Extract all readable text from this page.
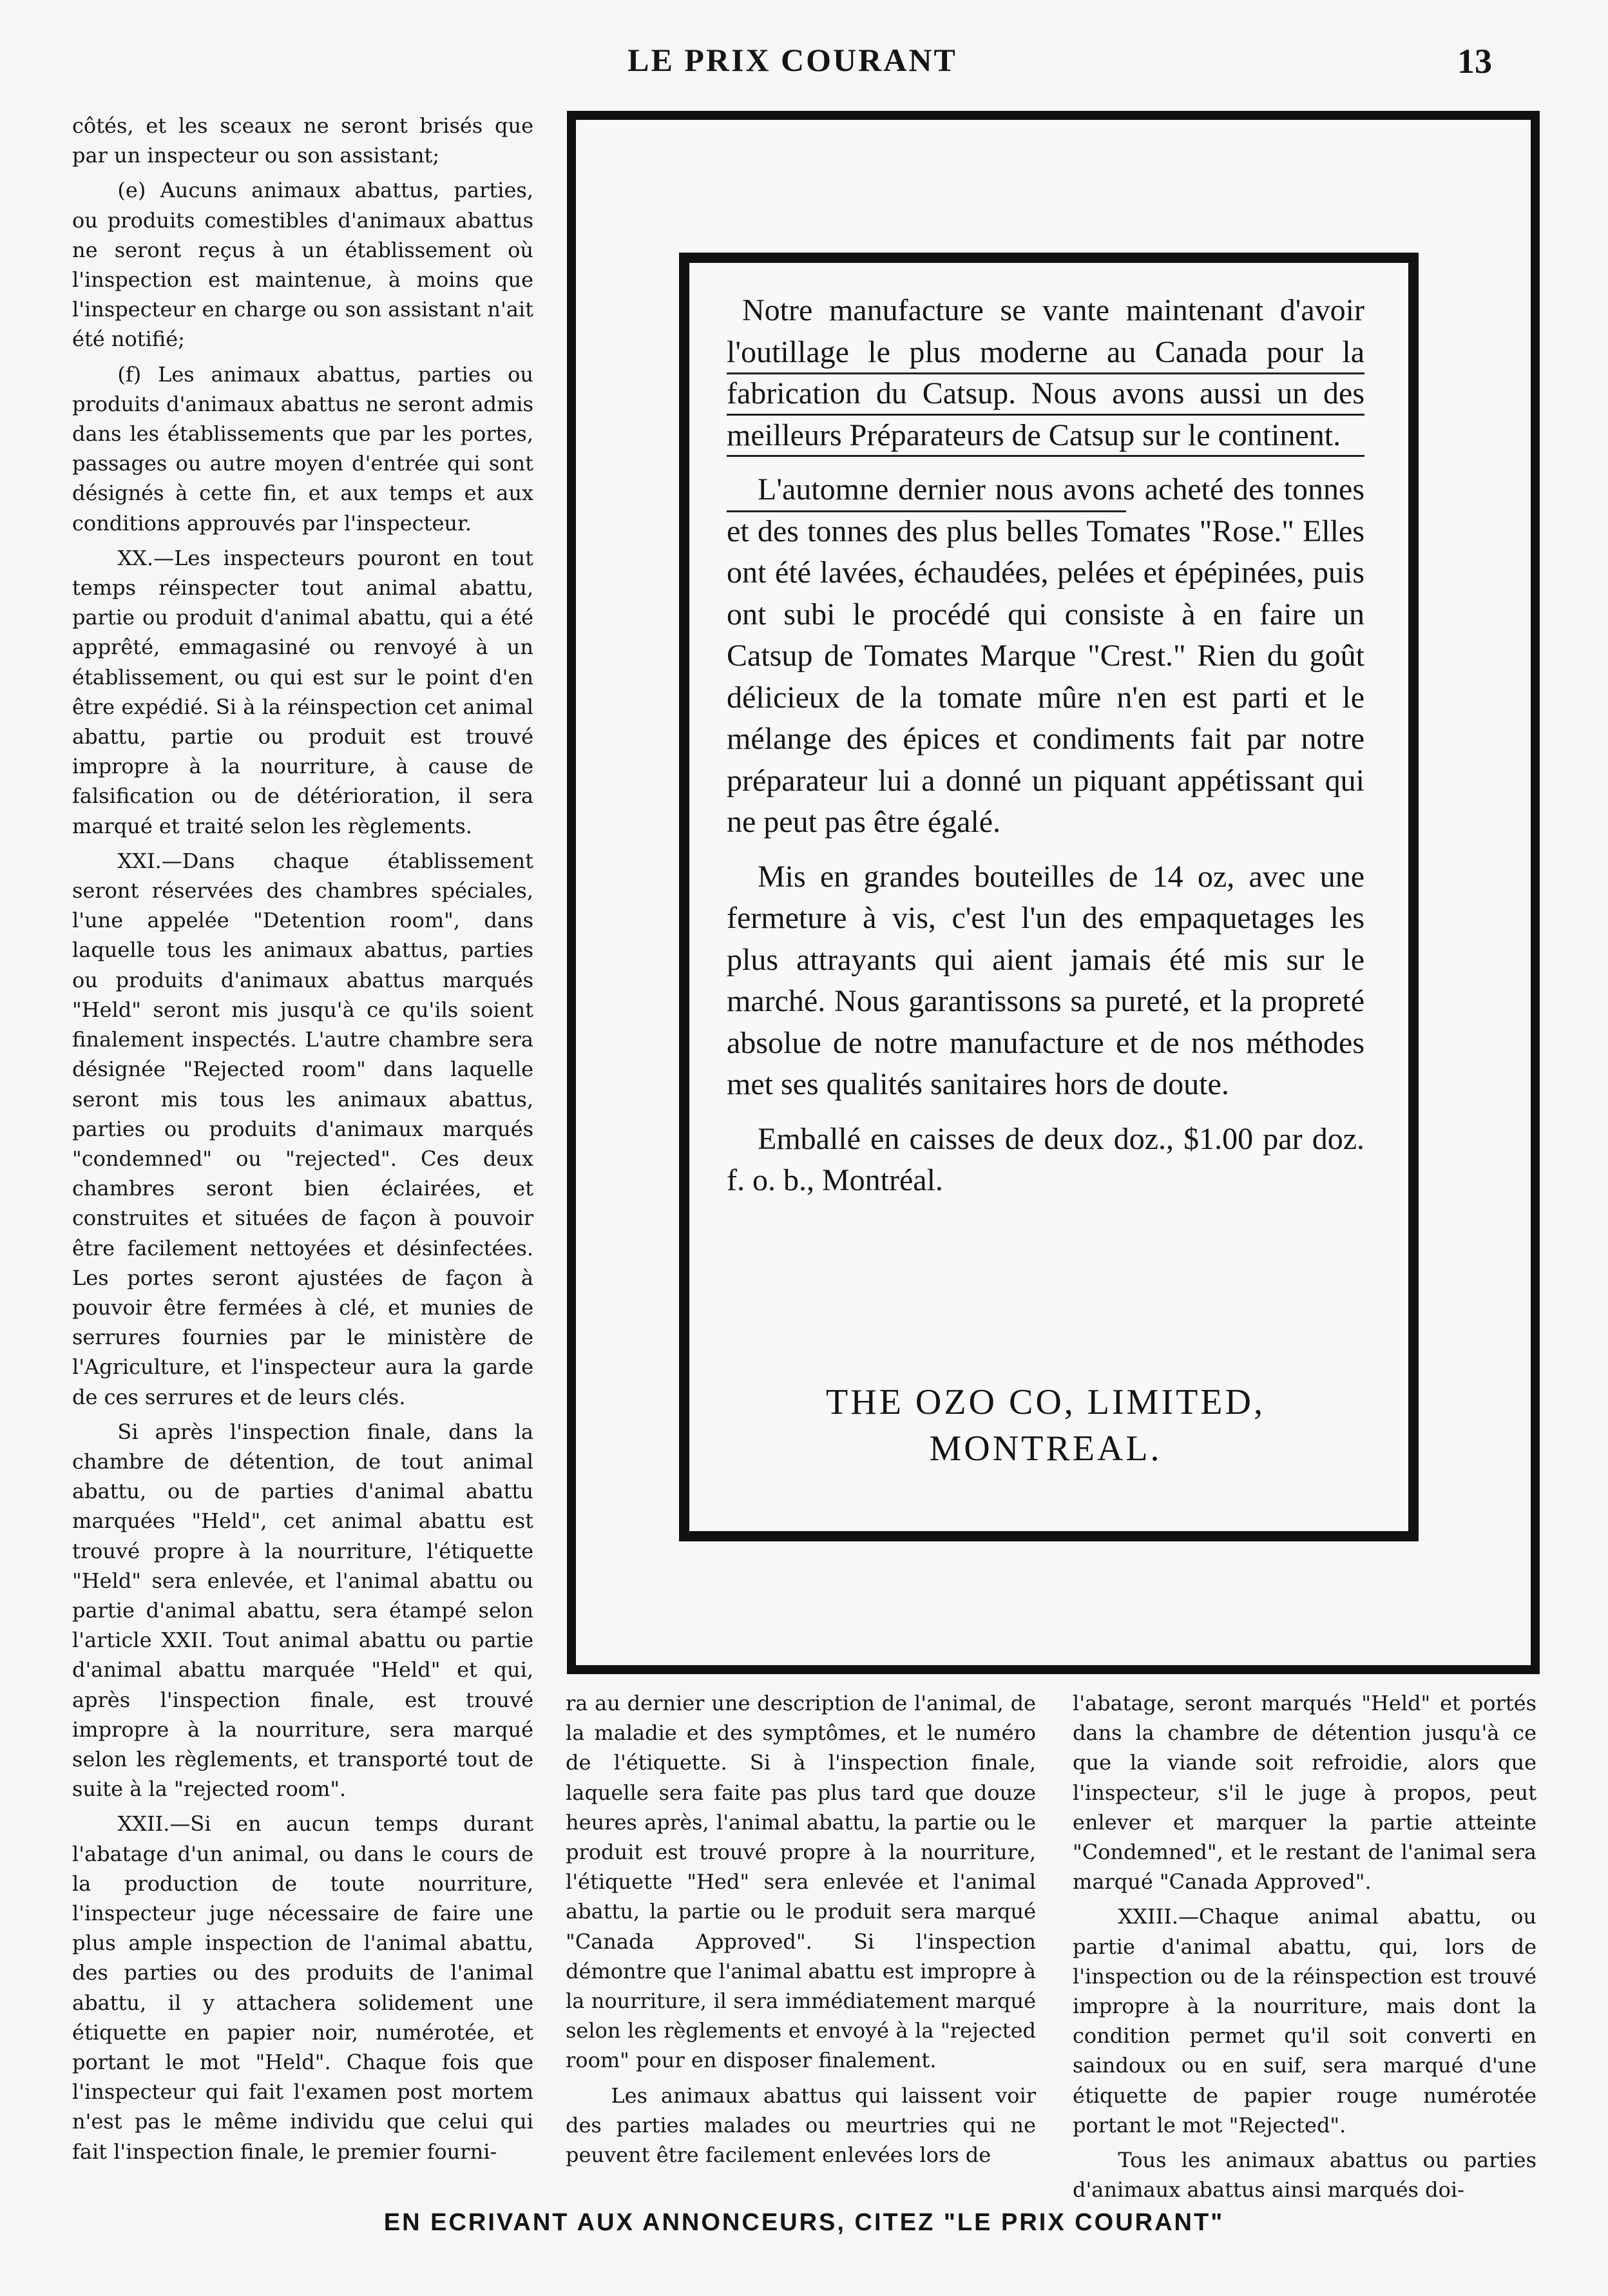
LE PRIX COURANT	13

côtés, et les sceaux ne seront brisés que par un inspecteur ou son assistant;

(e) Aucuns animaux abattus, parties, ou produits comestibles d'animaux abattus ne seront reçus à un établissement où l'inspection est maintenue, à moins que l'inspecteur en charge ou son assistant n'ait été notifié;

(f) Les animaux abattus, parties ou produits d'animaux abattus ne seront admis dans les établissements que par les portes, passages ou autre moyen d'entrée qui sont désignés à cette fin, et aux temps et aux conditions approuvés par l'inspecteur.

XX.—Les inspecteurs pouront en tout temps réinspecter tout animal abattu, partie ou produit d'animal abattu, qui a été apprêté, emmagasiné ou renvoyé à un établissement, ou qui est sur le point d'en être expédié. Si à la réinspection cet animal abattu, partie ou produit est trouvé impropre à la nourriture, à cause de falsification ou de détérioration, il sera marqué et traité selon les règlements.

XXI.—Dans chaque établissement seront réservées des chambres spéciales, l'une appelée "Detention room", dans laquelle tous les animaux abattus, parties ou produits d'animaux abattus marqués "Held" seront mis jusqu'à ce qu'ils soient finalement inspectés. L'autre chambre sera désignée "Rejected room" dans laquelle seront mis tous les animaux abattus, parties ou produits d'animaux marqués "condemned" ou "rejected". Ces deux chambres seront bien éclairées, et construites et situées de façon à pouvoir être facilement nettoyées et désinfectées. Les portes seront ajustées de façon à pouvoir être fermées à clé, et munies de serrures fournies par le ministère de l'Agriculture, et l'inspecteur aura la garde de ces serrures et de leurs clés.

Si après l'inspection finale, dans la chambre de détention, de tout animal abattu, ou de parties d'animal abattu marquées "Held", cet animal abattu est trouvé propre à la nourriture, l'étiquette "Held" sera enlevée, et l'animal abattu ou partie d'animal abattu, sera étampé selon l'article XXII. Tout animal abattu ou partie d'animal abattu marquée "Held" et qui, après l'inspection finale, est trouvé impropre à la nourriture, sera marqué selon les règlements, et transporté tout de suite à la "rejected room".

XXII.—Si en aucun temps durant l'abatage d'un animal, ou dans le cours de la production de toute nourriture, l'inspecteur juge nécessaire de faire une plus ample inspection de l'animal abattu, des parties ou des produits de l'animal abattu, il y attachera solidement une étiquette en papier noir, numérotée, et portant le mot "Held". Chaque fois que l'inspecteur qui fait l'examen post mortem n'est pas le même individu que celui qui fait l'inspection finale, le premier fourni-

Notre manufacture se vante maintenant d'avoir l'outillage le plus moderne au Canada pour la fabrication du Catsup. Nous avons aussi un des meilleurs Préparateurs de Catsup sur le continent.

L'automne dernier nous avons acheté des tonnes et des tonnes des plus belles Tomates "Rose." Elles ont été lavées, échaudées, pelées et épépinées, puis ont subi le procédé qui consiste à en faire un Catsup de Tomates Marque "Crest." Rien du goût délicieux de la tomate mûre n'en est parti et le mélange des épices et condiments fait par notre préparateur lui a donné un piquant appétissant qui ne peut pas être égalé.

Mis en grandes bouteilles de 14 oz, avec une fermeture à vis, c'est l'un des empaquetages les plus attrayants qui aient jamais été mis sur le marché. Nous garantissons sa pureté, et la propreté absolue de notre manufacture et de nos méthodes met ses qualités sanitaires hors de doute.

Emballé en caisses de deux doz., $1.00 par doz. f. o. b., Montréal.

THE OZO CO, LIMITED,
MONTREAL.

ra au dernier une description de l'animal, de la maladie et des symptômes, et le numéro de l'étiquette. Si à l'inspection finale, laquelle sera faite pas plus tard que douze heures après, l'animal abattu, la partie ou le produit est trouvé propre à la nourriture, l'étiquette "Hed" sera enlevée et l'animal abattu, la partie ou le produit sera marqué "Canada Approved". Si l'inspection démontre que l'animal abattu est impropre à la nourriture, il sera immédiatement marqué selon les règlements et envoyé à la "rejected room" pour en disposer finalement.

Les animaux abattus qui laissent voir des parties malades ou meurtries qui ne peuvent être facilement enlevées lors de

l'abatage, seront marqués "Held" et portés dans la chambre de détention jusqu'à ce que la viande soit refroidie, alors que l'inspecteur, s'il le juge à propos, peut enlever et marquer la partie atteinte "Condemned", et le restant de l'animal sera marqué "Canada Approved".

XXIII.—Chaque animal abattu, ou partie d'animal abattu, qui, lors de l'inspection ou de la réinspection est trouvé impropre à la nourriture, mais dont la condition permet qu'il soit converti en saindoux ou en suif, sera marqué d'une étiquette de papier rouge numérotée portant le mot "Rejected".

Tous les animaux abattus ou parties d'animaux abattus ainsi marqués doi-

EN ECRIVANT AUX ANNONCEURS, CITEZ "LE PRIX COURANT"
